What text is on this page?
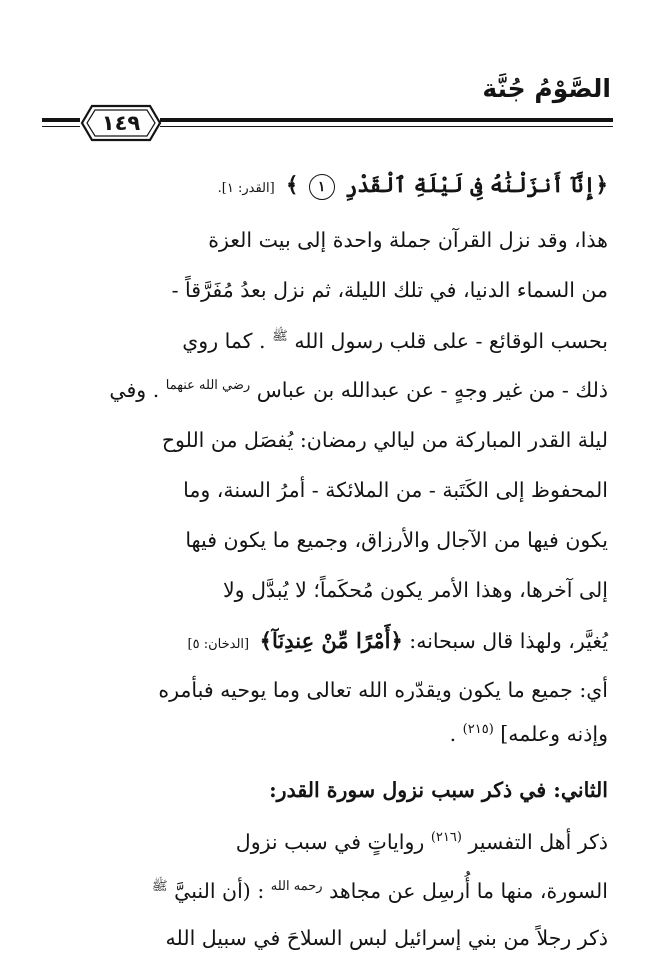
الصَّوْمُ جُنَّة
١٤٩
﴿إِنَّآ أَنزَلْنَٰهُ فِى لَيْلَةِ ٱلْقَدْرِ ١ ﴾ [القدر: ١].
هذا، وقد نزل القرآن جملة واحدة إلى بيت العزة
من السماء الدنيا، في تلك الليلة، ثم نزل بعدُ مُفَرَّقاً -
بحسب الوقائع - على قلب رسول الله $^ﷺ$ . كما روي
ذلك - من غير وجهٍ - عن عبدالله بن عباس $^{رضي الله عنهما}$ . وفي
ليلة القدر المباركة من ليالي رمضان: يُفصَل من اللوح
المحفوظ إلى الكَتَبة - من الملائكة - أمرُ السنة، وما
يكون فيها من الآجال والأرزاق، وجميع ما يكون فيها
إلى آخرها، وهذا الأمر يكون مُحكَماً؛ لا يُبدَّل ولا
يُغيَّر، ولهذا قال سبحانه: ﴿أَمْرًا مِّنْ عِندِنَآ﴾ [الدخان: ٥]
أي: جميع ما يكون ويقدّره الله تعالى وما يوحيه فبأمره
وإذنه وعلمه] $^{(٢١٥)}$ .
الثاني: في ذكر سبب نزول سورة القدر:
ذكر أهل التفسير $^{(٢١٦)}$ رواياتٍ في سبب نزول
السورة، منها ما أُرسِل عن مجاهد $^{رحمه الله}$ : (أن النبيَّ $^ﷺ$
ذكر رجلاً من بني إسرائيل لبس السلاحَ في سبيل الله
